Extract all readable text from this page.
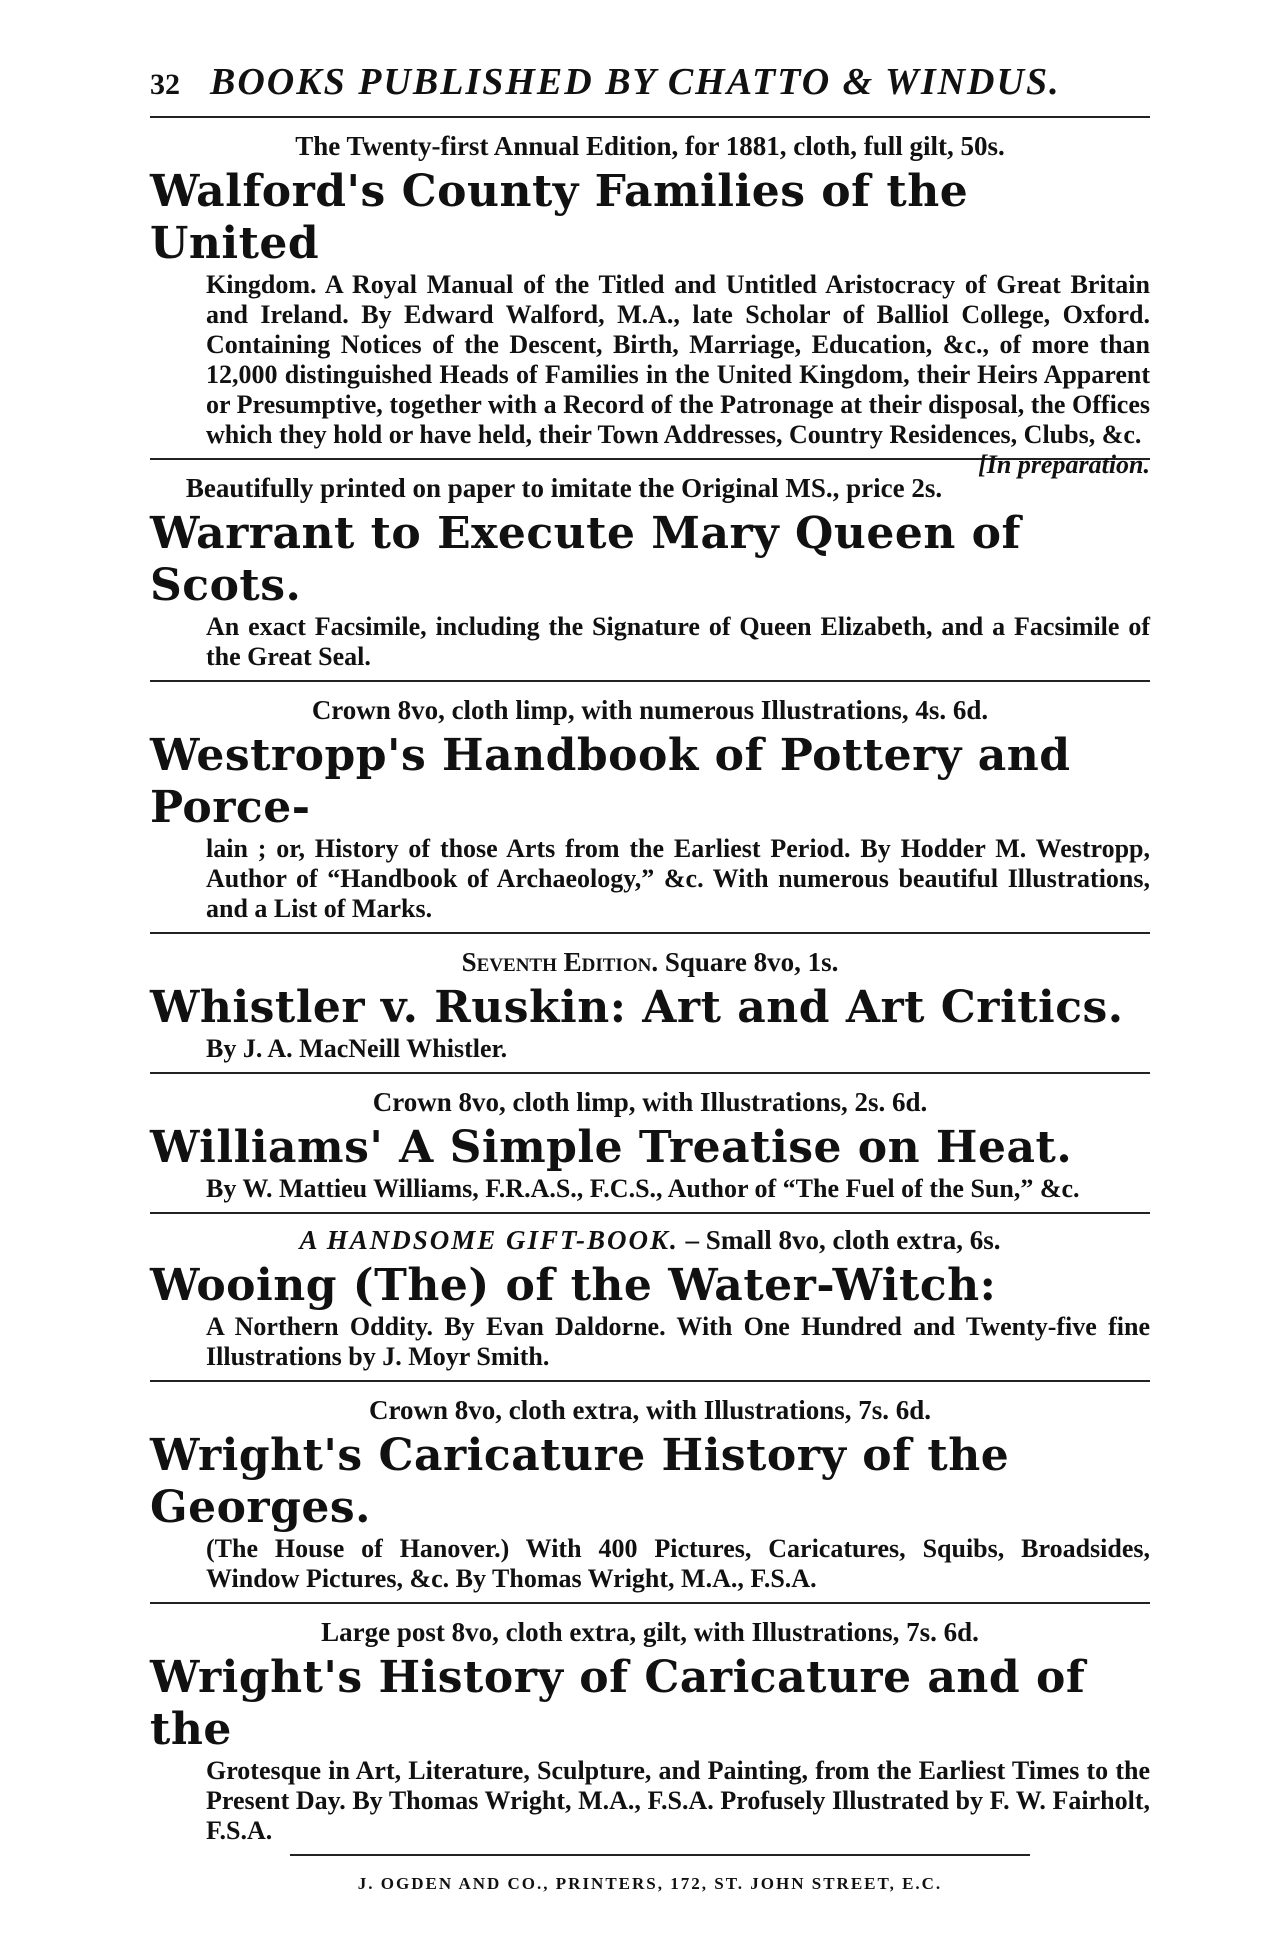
32 BOOKS PUBLISHED BY CHATTO & WINDUS.
The Twenty-first Annual Edition, for 1881, cloth, full gilt, 50s.
Walford's County Families of the United
Kingdom. A Royal Manual of the Titled and Untitled Aristocracy of Great Britain and Ireland. By Edward Walford, M.A., late Scholar of Balliol College, Oxford. Containing Notices of the Descent, Birth, Marriage, Education, &c., of more than 12,000 distinguished Heads of Families in the United Kingdom, their Heirs Apparent or Presumptive, together with a Record of the Patronage at their disposal, the Offices which they hold or have held, their Town Addresses, Country Residences, Clubs, &c.
[In preparation.
Beautifully printed on paper to imitate the Original MS., price 2s.
Warrant to Execute Mary Queen of Scots.
An exact Facsimile, including the Signature of Queen Elizabeth, and a Facsimile of the Great Seal.
Crown 8vo, cloth limp, with numerous Illustrations, 4s. 6d.
Westropp's Handbook of Pottery and Porce-
lain ; or, History of those Arts from the Earliest Period. By Hodder M. Westropp, Author of “Handbook of Archaeology,” &c. With numerous beautiful Illustrations, and a List of Marks.
Seventh Edition. Square 8vo, 1s.
Whistler v. Ruskin: Art and Art Critics.
By J. A. MacNeill Whistler.
Crown 8vo, cloth limp, with Illustrations, 2s. 6d.
Williams' A Simple Treatise on Heat.
By W. Mattieu Williams, F.R.A.S., F.C.S., Author of “The Fuel of the Sun,” &c.
A HANDSOME GIFT-BOOK. – Small 8vo, cloth extra, 6s.
Wooing (The) of the Water-Witch:
A Northern Oddity. By Evan Daldorne. With One Hundred and Twenty-five fine Illustrations by J. Moyr Smith.
Crown 8vo, cloth extra, with Illustrations, 7s. 6d.
Wright's Caricature History of the Georges.
(The House of Hanover.) With 400 Pictures, Caricatures, Squibs, Broadsides, Window Pictures, &c. By Thomas Wright, M.A., F.S.A.
Large post 8vo, cloth extra, gilt, with Illustrations, 7s. 6d.
Wright's History of Caricature and of the
Grotesque in Art, Literature, Sculpture, and Painting, from the Earliest Times to the Present Day. By Thomas Wright, M.A., F.S.A. Profusely Illustrated by F. W. Fairholt, F.S.A.
J. OGDEN AND CO., PRINTERS, 172, ST. JOHN STREET, E.C.
